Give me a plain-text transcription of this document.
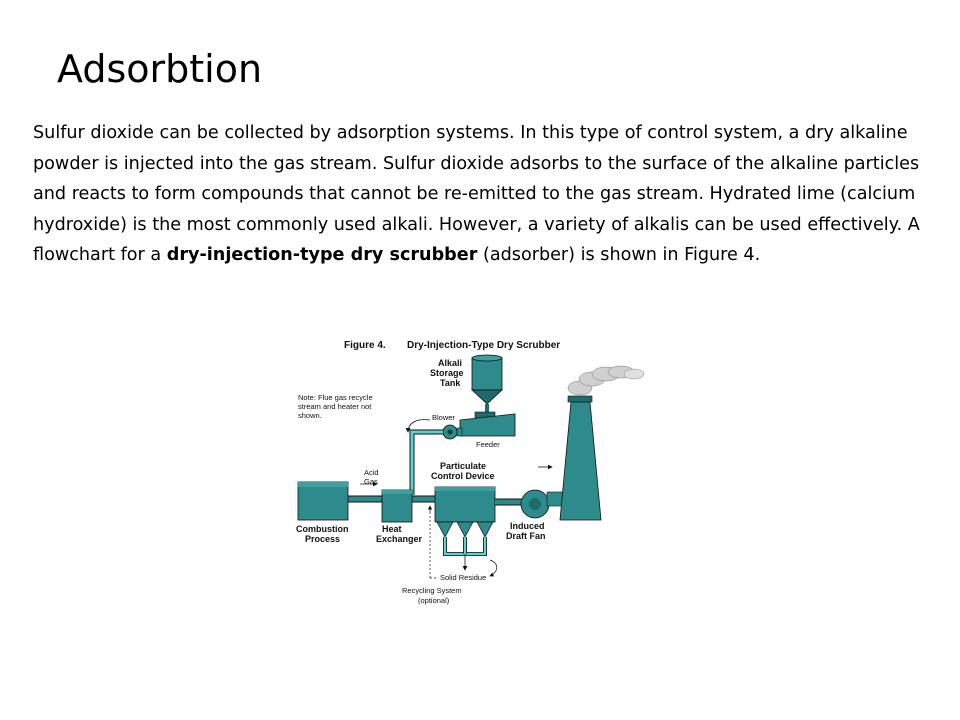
Adsorbtion

Sulfur dioxide can be collected by adsorption systems. In this type of control system, a dry alkaline powder is injected into the gas stream. Sulfur dioxide adsorbs to the surface of the alkaline particles and reacts to form compounds that cannot be re-emitted to the gas stream. Hydrated lime (calcium hydroxide) is the most commonly used alkali. However, a variety of alkalis can be used effectively. A flowchart for a dry-injection-type dry scrubber (adsorber) is shown in Figure 4.

Figure 4. Dry-Injection-Type Dry Scrubber
Alkali
Storage
Tank
Feeder
Blower
Note: Flue gas recycle
stream and heater not
shown.
Combustion
Process
Heat
Exchanger
Acid
Gas
Particulate
Control Device
Solid Residue
Recycling System
(optional)
Induced
Draft Fan
